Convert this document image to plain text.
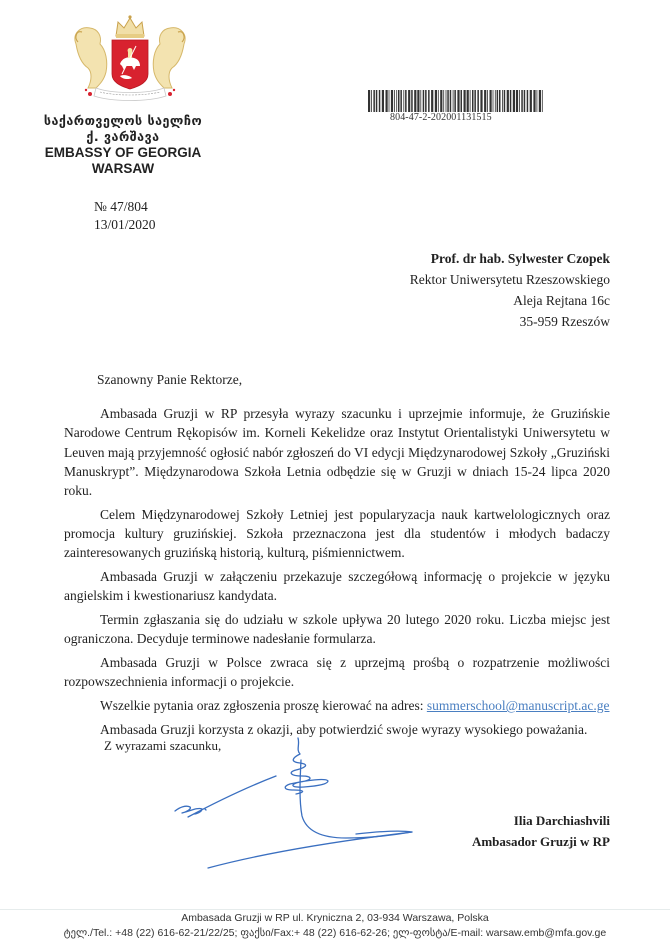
საქართველოს საელჩო
ქ. ვარშავა
EMBASSY OF GEORGIA
WARSAW
№ 47/804
13/01/2020
804-47-2-202001131515
Prof. dr hab. Sylwester Czopek
Rektor Uniwersytetu Rzeszowskiego
Aleja Rejtana 16c
35-959 Rzeszów
Szanowny Panie Rektorze,

Ambasada Gruzji w RP przesyła wyrazy szacunku i uprzejmie informuje, że Gruzińskie Narodowe Centrum Rękopisów im. Korneli Kekelidze oraz Instytut Orientalistyki Uniwersytetu w Leuven mają przyjemność ogłosić nabór zgłoszeń do VI edycji Międzynarodowej Szkoły „Gruziński Manuskrypt”. Międzynarodowa Szkoła Letnia odbędzie się w Gruzji w dniach 15-24 lipca 2020 roku.

Celem Międzynarodowej Szkoły Letniej jest popularyzacja nauk kartwelologicznych oraz promocja kultury gruzińskiej. Szkoła przeznaczona jest dla studentów i młodych badaczy zainteresowanych gruzińską historią, kulturą, piśmiennictwem.

Ambasada Gruzji w załączeniu przekazuje szczegółową informację o projekcie w języku angielskim i kwestionariusz kandydata.

Termin zgłaszania się do udziału w szkole upływa 20 lutego 2020 roku. Liczba miejsc jest ograniczona. Decyduje terminowe nadesłanie formularza.

Ambasada Gruzji w Polsce zwraca się z uprzejmą prośbą o rozpatrzenie możliwości rozpowszechnienia informacji o projekcie.

Wszelkie pytania oraz zgłoszenia proszę kierować na adres: summerschool@manuscript.ac.ge

Ambasada Gruzji korzysta z okazji, aby potwierdzić swoje wyrazy wysokiego poważania.

Z wyrazami szacunku,
Ilia Darchiashvili
Ambasador Gruzji w RP
Ambasada Gruzji w RP ul. Kryniczna 2, 03-934 Warszawa, Polska
ტელ./Tel.: +48 (22) 616-62-21/22/25; ფაქსი/Fax:+ 48 (22) 616-62-26; ელ-ფოსტა/E-mail: warsaw.emb@mfa.gov.ge
